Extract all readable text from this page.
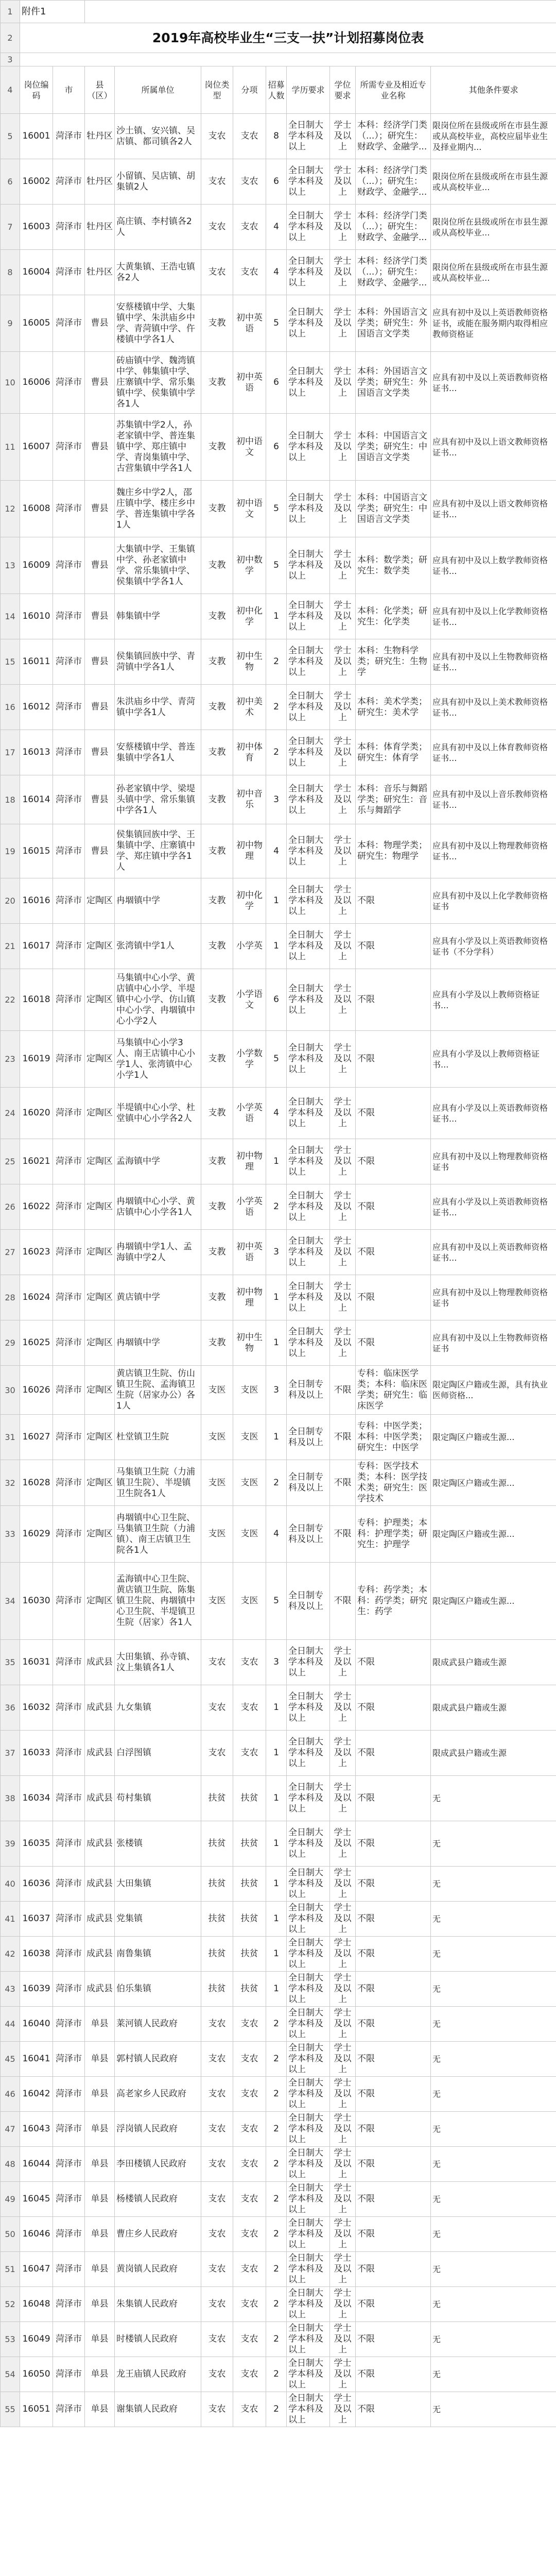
1	附件1										
2	2019年高校毕业生“三支一扶”计划招募岗位表										
3											
4	岗位编码	市	县（区）	所属单位	岗位类型	分项	招募人数	学历要求	学位要求	所需专业及相近专业名称	其他条件要求
5	16001	菏泽市	牡丹区	沙土镇、安兴镇、吴店镇、都司镇各2人	支农	支农	8	全日制大学本科及以上	学士及以上	本科：经济学门类（...）；研究生：财政学、金融学...	限岗位所在县级或所在市县生源或从高校毕业，高校应届毕业生及择业期内...
6	16002	菏泽市	牡丹区	小留镇、吴店镇、胡集镇2人	支农	支农	6	全日制大学本科及以上	学士及以上	本科：经济学门类（...）；研究生：财政学、金融学...	限岗位所在县级或所在市县生源或从高校毕业...
7	16003	菏泽市	牡丹区	高庄镇、李村镇各2人	支农	支农	4	全日制大学本科及以上	学士及以上	本科：经济学门类（...）；研究生：财政学、金融学...	限岗位所在县级或所在市县生源或从高校毕业...
8	16004	菏泽市	牡丹区	大黄集镇、王浩屯镇各2人	支农	支农	4	全日制大学本科及以上	学士及以上	本科：经济学门类（...）；研究生：财政学、金融学...	限岗位所在县级或所在市县生源或从高校毕业...
9	16005	菏泽市	曹县	安蔡楼镇中学、大集镇中学、朱洪庙乡中学、青菏镇中学、仵楼镇中学各1人	支教	初中英语	5	全日制大学本科及以上	学士及以上	本科：外国语言文学类；研究生：外国语言文学类	应具有初中及以上英语教师资格证书，或能在服务期内取得相应教师资格证
10	16006	菏泽市	曹县	砖庙镇中学、魏湾镇中学、韩集镇中学、庄寨镇中学、常乐集镇中学、侯集镇中学各1人	支教	初中英语	6	全日制大学本科及以上	学士及以上	本科：外国语言文学类；研究生：外国语言文学类	应具有初中及以上英语教师资格证书...
11	16007	菏泽市	曹县	苏集镇中学2人，孙老家镇中学、普连集镇中学、郑庄镇中学、青岗集镇中学、古营集镇中学各1人	支教	初中语文	6	全日制大学本科及以上	学士及以上	本科：中国语言文学类；研究生：中国语言文学类	应具有初中及以上语文教师资格证书...
12	16008	菏泽市	曹县	魏庄乡中学2人，邵庄镇中学、楼庄乡中学、普连集镇中学各1人	支教	初中语文	5	全日制大学本科及以上	学士及以上	本科：中国语言文学类；研究生：中国语言文学类	应具有初中及以上语文教师资格证书...
13	16009	菏泽市	曹县	大集镇中学、王集镇中学、孙老家镇中学、常乐集镇中学、侯集镇中学各1人	支教	初中数学	5	全日制大学本科及以上	学士及以上	本科：数学类；研究生：数学类	应具有初中及以上数学教师资格证书...
14	16010	菏泽市	曹县	韩集镇中学	支教	初中化学	1	全日制大学本科及以上	学士及以上	本科：化学类；研究生：化学类	应具有初中及以上化学教师资格证书...
15	16011	菏泽市	曹县	侯集镇回族中学、青菏镇中学各1人	支教	初中生物	2	全日制大学本科及以上	学士及以上	本科：生物科学类；研究生：生物学	应具有初中及以上生物教师资格证书...
16	16012	菏泽市	曹县	朱洪庙乡中学、青菏镇中学各1人	支教	初中美术	2	全日制大学本科及以上	学士及以上	本科：美术学类；研究生：美术学	应具有初中及以上美术教师资格证书...
17	16013	菏泽市	曹县	安蔡楼镇中学、普连集镇中学各1人	支教	初中体育	2	全日制大学本科及以上	学士及以上	本科：体育学类；研究生：体育学	应具有初中及以上体育教师资格证书...
18	16014	菏泽市	曹县	孙老家镇中学、梁堤头镇中学、常乐集镇中学各1人	支教	初中音乐	3	全日制大学本科及以上	学士及以上	本科：音乐与舞蹈学类；研究生：音乐与舞蹈学	应具有初中及以上音乐教师资格证书...
19	16015	菏泽市	曹县	侯集镇回族中学、王集镇中学、庄寨镇中学、郑庄镇中学各1人	支教	初中物理	4	全日制大学本科及以上	学士及以上	本科：物理学类；研究生：物理学	应具有初中及以上物理教师资格证书...
20	16016	菏泽市	定陶区	冉堌镇中学	支教	初中化学	1	全日制大学本科及以上	学士及以上	不限	应具有初中及以上化学教师资格证书
21	16017	菏泽市	定陶区	张湾镇中学1人	支教	小学英	1	全日制大学本科及以上	学士及以上	不限	应具有小学及以上英语教师资格证书（不分学科）
22	16018	菏泽市	定陶区	马集镇中心小学、黄店镇中心小学、半堤镇中心小学、仿山镇中心小学、冉堌镇中心小学2人	支教	小学语文	6	全日制大学本科及以上	学士及以上	不限	应具有小学及以上教师资格证书...
23	16019	菏泽市	定陶区	马集镇中心小学3人、南王店镇中心小学1人、张湾镇中心小学1人	支教	小学数学	5	全日制大学本科及以上	学士及以上	不限	应具有小学及以上教师资格证书...
24	16020	菏泽市	定陶区	半堤镇中心小学、杜堂镇中心小学各2人	支教	小学英语	4	全日制大学本科及以上	学士及以上	不限	应具有小学及以上英语教师资格证书...
25	16021	菏泽市	定陶区	孟海镇中学	支教	初中物理	1	全日制大学本科及以上	学士及以上	不限	应具有初中及以上物理教师资格证书
26	16022	菏泽市	定陶区	冉堌镇中心小学、黄店镇中心小学各1人	支教	小学英语	2	全日制大学本科及以上	学士及以上	不限	应具有小学及以上英语教师资格证书...
27	16023	菏泽市	定陶区	冉堌镇中学1人、孟海镇中学2人	支教	初中英语	3	全日制大学本科及以上	学士及以上	不限	应具有初中及以上英语教师资格证书...
28	16024	菏泽市	定陶区	黄店镇中学	支教	初中物理	1	全日制大学本科及以上	学士及以上	不限	应具有初中及以上物理教师资格证书
29	16025	菏泽市	定陶区	冉堌镇中学	支教	初中生物	1	全日制大学本科及以上	学士及以上	不限	应具有初中及以上生物教师资格证书
30	16026	菏泽市	定陶区	黄店镇卫生院、仿山镇卫生院、孟海镇卫生院（居家办公）各1人	支医	支医	3	全日制专科及以上	不限	专科：临床医学类；本科：临床医学类；研究生：临床医学	限定陶区户籍或生源，具有执业医师资格...
31	16027	菏泽市	定陶区	杜堂镇卫生院	支医	支医	1	全日制专科及以上	不限	专科：中医学类；本科：中医学类；研究生：中医学	限定陶区户籍或生源...
32	16028	菏泽市	定陶区	马集镇卫生院（力浦镇卫生院）、半堤镇卫生院各1人	支医	支医	2	全日制专科及以上	不限	专科：医学技术类；本科：医学技术类；研究生：医学技术	限定陶区户籍或生源...
33	16029	菏泽市	定陶区	冉堌镇中心卫生院、马集镇卫生院（力浦镇）、南王店镇卫生院各1人	支医	支医	4	全日制专科及以上	不限	专科：护理类；本科：护理学类；研究生：护理学	限定陶区户籍或生源...
34	16030	菏泽市	定陶区	孟海镇中心卫生院、黄店镇卫生院、陈集镇卫生院、冉堌镇中心卫生院、半堤镇卫生院（居家）各1人	支医	支医	5	全日制专科及以上	不限	专科：药学类；本科：药学类；研究生：药学	限定陶区户籍或生源...
35	16031	菏泽市	成武县	大田集镇、孙寺镇、汶上集镇各1人	支农	支农	3	全日制大学本科及以上	学士及以上	不限	限成武县户籍或生源
36	16032	菏泽市	成武县	九女集镇	支农	支农	1	全日制大学本科及以上	学士及以上	不限	限成武县户籍或生源
37	16033	菏泽市	成武县	白浮图镇	支农	支农	1	全日制大学本科及以上	学士及以上	不限	限成武县户籍或生源
38	16034	菏泽市	成武县	苟村集镇	扶贫	扶贫	1	全日制大学本科及以上	学士及以上	不限	无
39	16035	菏泽市	成武县	张楼镇	扶贫	扶贫	1	全日制大学本科及以上	学士及以上	不限	无
40	16036	菏泽市	成武县	大田集镇	扶贫	扶贫	1	全日制大学本科及以上	学士及以上	不限	无
41	16037	菏泽市	成武县	党集镇	扶贫	扶贫	1	全日制大学本科及以上	学士及以上	不限	无
42	16038	菏泽市	成武县	南鲁集镇	扶贫	扶贫	1	全日制大学本科及以上	学士及以上	不限	无
43	16039	菏泽市	成武县	伯乐集镇	扶贫	扶贫	1	全日制大学本科及以上	学士及以上	不限	无
44	16040	菏泽市	单县	莱河镇人民政府	支农	支农	2	全日制大学本科及以上	学士及以上	不限	无
45	16041	菏泽市	单县	郭村镇人民政府	支农	支农	2	全日制大学本科及以上	学士及以上	不限	无
46	16042	菏泽市	单县	高老家乡人民政府	支农	支农	2	全日制大学本科及以上	学士及以上	不限	无
47	16043	菏泽市	单县	浮岗镇人民政府	支农	支农	2	全日制大学本科及以上	学士及以上	不限	无
48	16044	菏泽市	单县	李田楼镇人民政府	支农	支农	2	全日制大学本科及以上	学士及以上	不限	无
49	16045	菏泽市	单县	杨楼镇人民政府	支农	支农	2	全日制大学本科及以上	学士及以上	不限	无
50	16046	菏泽市	单县	曹庄乡人民政府	支农	支农	2	全日制大学本科及以上	学士及以上	不限	无
51	16047	菏泽市	单县	黄岗镇人民政府	支农	支农	2	全日制大学本科及以上	学士及以上	不限	无
52	16048	菏泽市	单县	朱集镇人民政府	支农	支农	2	全日制大学本科及以上	学士及以上	不限	无
53	16049	菏泽市	单县	时楼镇人民政府	支农	支农	2	全日制大学本科及以上	学士及以上	不限	无
54	16050	菏泽市	单县	龙王庙镇人民政府	支农	支农	2	全日制大学本科及以上	学士及以上	不限	无
55	16051	菏泽市	单县	谢集镇人民政府	支农	支农	2	全日制大学本科及以上	学士及以上	不限	无
